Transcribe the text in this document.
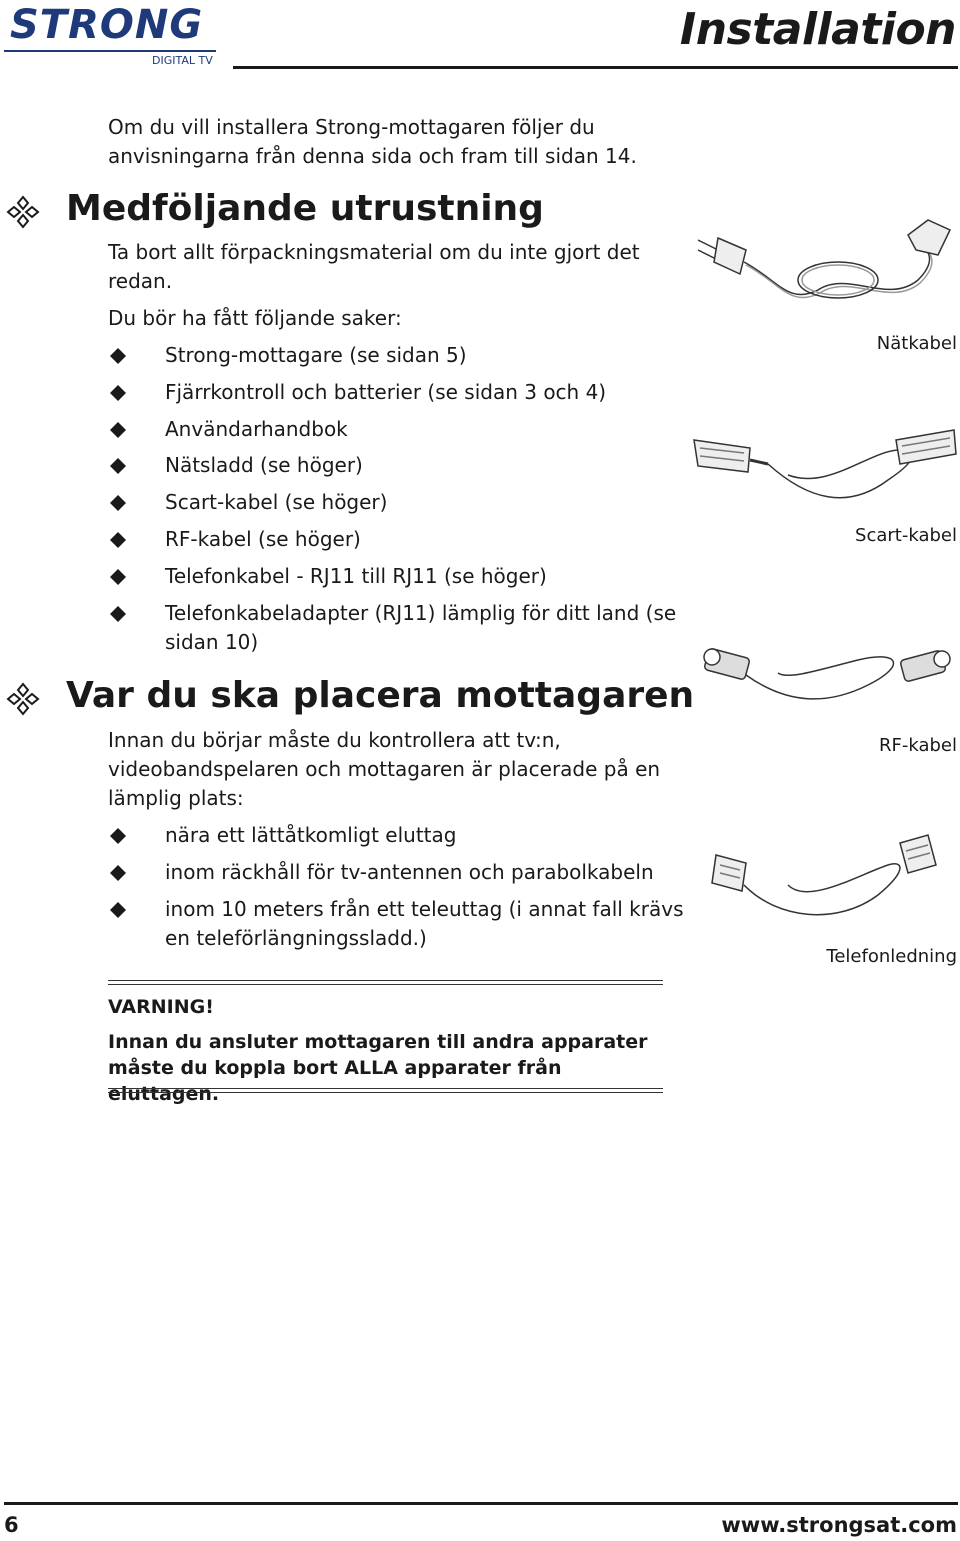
STRONG
DIGITAL TV
Installation
Om du vill installera Strong-mottagaren följer du anvisningarna från denna sida och fram till sidan 14.
Medföljande utrustning
Ta bort allt förpackningsmaterial om du inte gjort det redan.
Du bör ha fått följande saker:
Strong-mottagare (se sidan 5)
Fjärrkontroll och batterier (se sidan 3 och 4)
Användarhandbok
Nätsladd (se höger)
Scart-kabel (se höger)
RF-kabel (se höger)
Telefonkabel - RJ11 till RJ11 (se höger)
Telefonkabeladapter (RJ11) lämplig för ditt land (se sidan 10)
Var du ska placera mottagaren
Innan du börjar måste du kontrollera att tv:n, videobandspelaren och mottagaren är placerade på en lämplig plats:
nära ett lättåtkomligt eluttag
inom räckhåll för tv-antennen och parabolkabeln
inom 10 meters från ett teleuttag (i annat fall krävs en teleförlängningssladd.)
VARNING!
Innan du ansluter mottagaren till andra apparater måste du koppla bort ALLA apparater från eluttagen.
Nätkabel
Scart-kabel
RF-kabel
Telefonledning
6	www.strongsat.com
